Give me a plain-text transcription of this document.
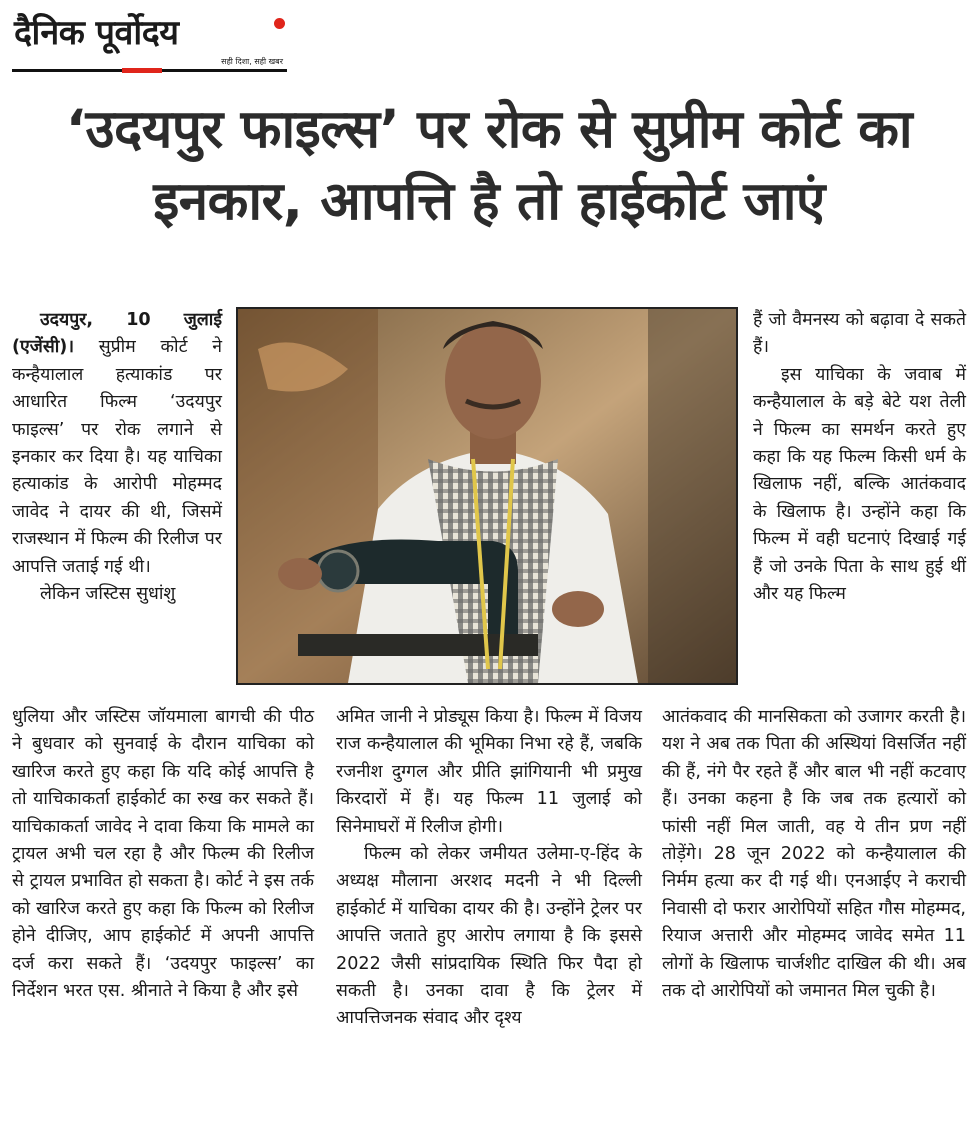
दैनिक पूर्वोदय
सही दिशा, सही खबर
‘उदयपुर फाइल्स’ पर रोक से सुप्रीम कोर्ट का इनकार, आपत्ति है तो हाईकोर्ट जाएं

उदयपुर, 10 जुलाई (एजेंसी)। सुप्रीम कोर्ट ने कन्हैयालाल हत्याकांड पर आधारित फिल्म ‘उदयपुर फाइल्स’ पर रोक लगाने से इनकार कर दिया है। यह याचिका हत्याकांड के आरोपी मोहम्मद जावेद ने दायर की थी, जिसमें राजस्थान में फिल्म की रिलीज पर आपत्ति जताई गई थी।

लेकिन जस्टिस सुधांशु

धुलिया और जस्टिस जॉयमाला बागची की पीठ ने बुधवार को सुनवाई के दौरान याचिका को खारिज करते हुए कहा कि यदि कोई आपत्ति है तो याचिकाकर्ता हाईकोर्ट का रुख कर सकते हैं। याचिकाकर्ता जावेद ने दावा किया कि मामले का ट्रायल अभी चल रहा है और फिल्म की रिलीज से ट्रायल प्रभावित हो सकता है। कोर्ट ने इस तर्क को खारिज करते हुए कहा कि फिल्म को रिलीज होने दीजिए, आप हाईकोर्ट में अपनी आपत्ति दर्ज करा सकते हैं। ‘उदयपुर फाइल्स’ का निर्देशन भरत एस. श्रीनाते ने किया है और इसे

अमित जानी ने प्रोड्यूस किया है। फिल्म में विजय राज कन्हैयालाल की भूमिका निभा रहे हैं, जबकि रजनीश दुग्गल और प्रीति झांगियानी भी प्रमुख किरदारों में हैं। यह फिल्म 11 जुलाई को सिनेमाघरों में रिलीज होगी।

फिल्म को लेकर जमीयत उलेमा-ए-हिंद के अध्यक्ष मौलाना अरशद मदनी ने भी दिल्ली हाईकोर्ट में याचिका दायर की है। उन्होंने ट्रेलर पर आपत्ति जताते हुए आरोप लगाया है कि इससे 2022 जैसी सांप्रदायिक स्थिति फिर पैदा हो सकती है। उनका दावा है कि ट्रेलर में आपत्तिजनक संवाद और दृश्य

हैं जो वैमनस्य को बढ़ावा दे सकते हैं।

इस याचिका के जवाब में कन्हैयालाल के बड़े बेटे यश तेली ने फिल्म का समर्थन करते हुए कहा कि यह फिल्म किसी धर्म के खिलाफ नहीं, बल्कि आतंकवाद के खिलाफ है। उन्होंने कहा कि फिल्म में वही घटनाएं दिखाई गई हैं जो उनके पिता के साथ हुई थीं और यह फिल्म

आतंकवाद की मानसिकता को उजागर करती है। यश ने अब तक पिता की अस्थियां विसर्जित नहीं की हैं, नंगे पैर रहते हैं और बाल भी नहीं कटवाए हैं। उनका कहना है कि जब तक हत्यारों को फांसी नहीं मिल जाती, वह ये तीन प्रण नहीं तोड़ेंगे। 28 जून 2022 को कन्हैयालाल की निर्मम हत्या कर दी गई थी। एनआईए ने कराची निवासी दो फरार आरोपियों सहित गौस मोहम्मद, रियाज अत्तारी और मोहम्मद जावेद समेत 11 लोगों के खिलाफ चार्जशीट दाखिल की थी। अब तक दो आरोपियों को जमानत मिल चुकी है।
